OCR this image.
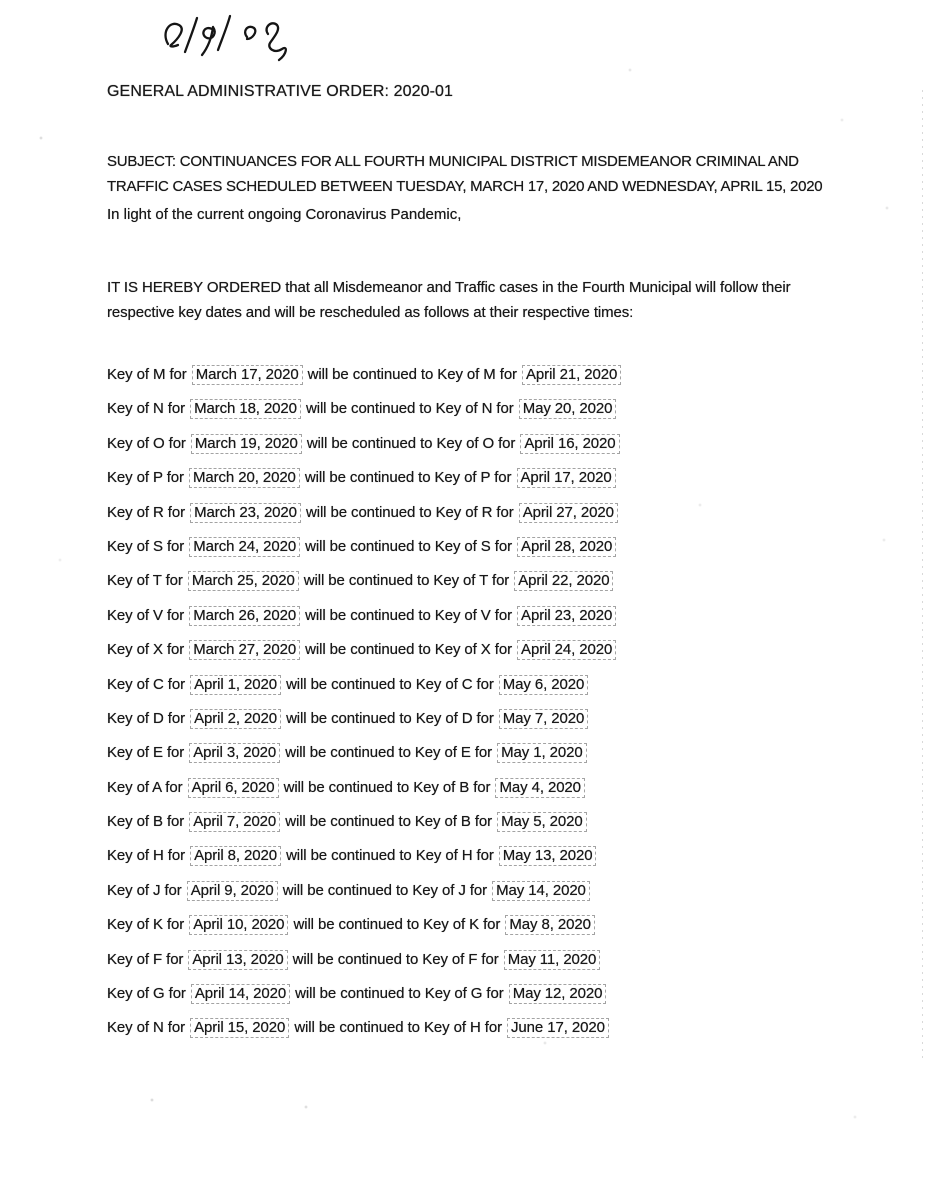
GENERAL ADMINISTRATIVE ORDER: 2020-01

SUBJECT: CONTINUANCES FOR ALL FOURTH MUNICIPAL DISTRICT MISDEMEANOR CRIMINAL AND
TRAFFIC CASES SCHEDULED BETWEEN TUESDAY, MARCH 17, 2020 AND WEDNESDAY, APRIL 15, 2020

In light of the current ongoing Coronavirus Pandemic,

IT IS HEREBY ORDERED that all Misdemeanor and Traffic cases in the Fourth Municipal will follow their
respective key dates and will be rescheduled as follows at their respective times:

Key of M for March 17, 2020 will be continued to Key of M for April 21, 2020
Key of N for March 18, 2020 will be continued to Key of N for May 20, 2020
Key of O for March 19, 2020 will be continued to Key of O for April 16, 2020
Key of P for March 20, 2020 will be continued to Key of P for April 17, 2020
Key of R for March 23, 2020 will be continued to Key of R for April 27, 2020
Key of S for March 24, 2020 will be continued to Key of S for April 28, 2020
Key of T for March 25, 2020 will be continued to Key of T for April 22, 2020
Key of V for March 26, 2020 will be continued to Key of V for April 23, 2020
Key of X for March 27, 2020 will be continued to Key of X for April 24, 2020
Key of C for April 1, 2020 will be continued to Key of C for May 6, 2020
Key of D for April 2, 2020 will be continued to Key of D for May 7, 2020
Key of E for April 3, 2020 will be continued to Key of E for May 1, 2020
Key of A for April 6, 2020 will be continued to Key of B for May 4, 2020
Key of B for April 7, 2020 will be continued to Key of B for May 5, 2020
Key of H for April 8, 2020 will be continued to Key of H for May 13, 2020
Key of J for April 9, 2020 will be continued to Key of J for May 14, 2020
Key of K for April 10, 2020 will be continued to Key of K for May 8, 2020
Key of F for April 13, 2020 will be continued to Key of F for May 11, 2020
Key of G for April 14, 2020 will be continued to Key of G for May 12, 2020
Key of N for April 15, 2020 will be continued to Key of H for June 17, 2020
